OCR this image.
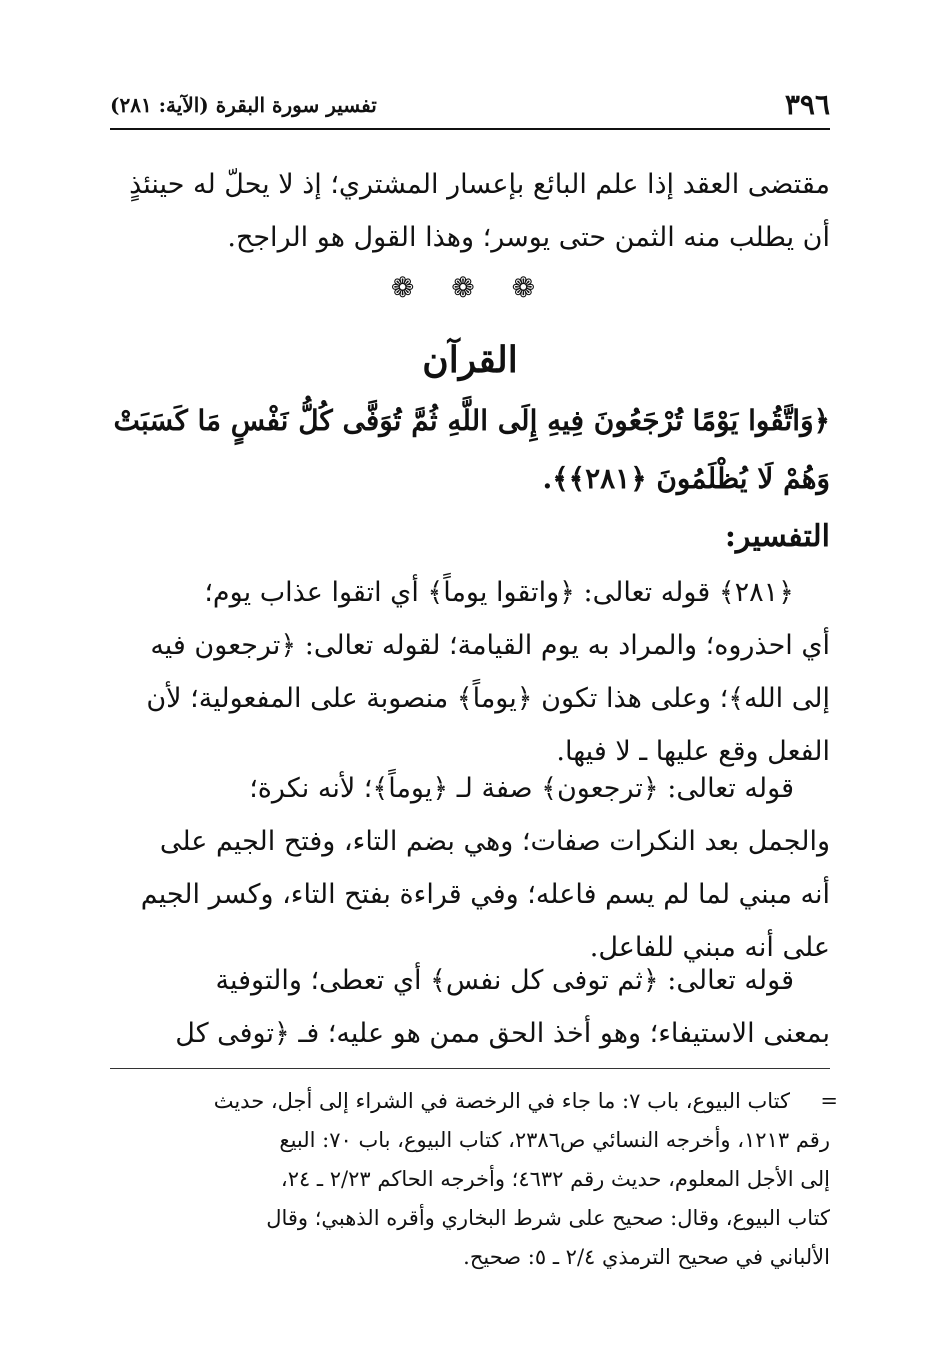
٣٩٦
تفسير سورة البقرة (الآية: ٢٨١)
مقتضى العقد إذا علم البائع بإعسار المشتري؛ إذ لا يحلّ له حينئذٍ
أن يطلب منه الثمن حتى يوسر؛ وهذا القول هو الراجح.
❁ ❁ ❁
القرآن
﴿وَاتَّقُوا يَوْمًا تُرْجَعُونَ فِيهِ إِلَى اللَّهِ ثُمَّ تُوَفَّى كُلُّ نَفْسٍ مَا كَسَبَتْ
وَهُمْ لَا يُظْلَمُونَ ﴿٢٨١﴾﴾.
التفسير:
﴿٢٨١﴾ قوله تعالى: ﴿واتقوا يوماً﴾ أي اتقوا عذاب يوم؛
أي احذروه؛ والمراد به يوم القيامة؛ لقوله تعالى: ﴿ترجعون فيه
إلى الله﴾؛ وعلى هذا تكون ﴿يوماً﴾ منصوبة على المفعولية؛ لأن
الفعل وقع عليها ـ لا فيها.
قوله تعالى: ﴿ترجعون﴾ صفة لـ ﴿يوماً﴾؛ لأنه نكرة؛
والجمل بعد النكرات صفات؛ وهي بضم التاء، وفتح الجيم على
أنه مبني لما لم يسم فاعله؛ وفي قراءة بفتح التاء، وكسر الجيم
على أنه مبني للفاعل.
قوله تعالى: ﴿ثم توفى كل نفس﴾ أي تعطى؛ والتوفية
بمعنى الاستيفاء؛ وهو أخذ الحق ممن هو عليه؛ فـ ﴿توفى كل
=
كتاب البيوع، باب ٧: ما جاء في الرخصة في الشراء إلى أجل، حديث
رقم ١٢١٣، وأخرجه النسائي ص٢٣٨٦، كتاب البيوع، باب ٧٠: البيع
إلى الأجل المعلوم، حديث رقم ٤٦٣٢؛ وأخرجه الحاكم ٢/٢٣ ـ ٢٤،
كتاب البيوع، وقال: صحيح على شرط البخاري وأقره الذهبي؛ وقال
الألباني في صحيح الترمذي ٢/٤ ـ ٥: صحيح.
